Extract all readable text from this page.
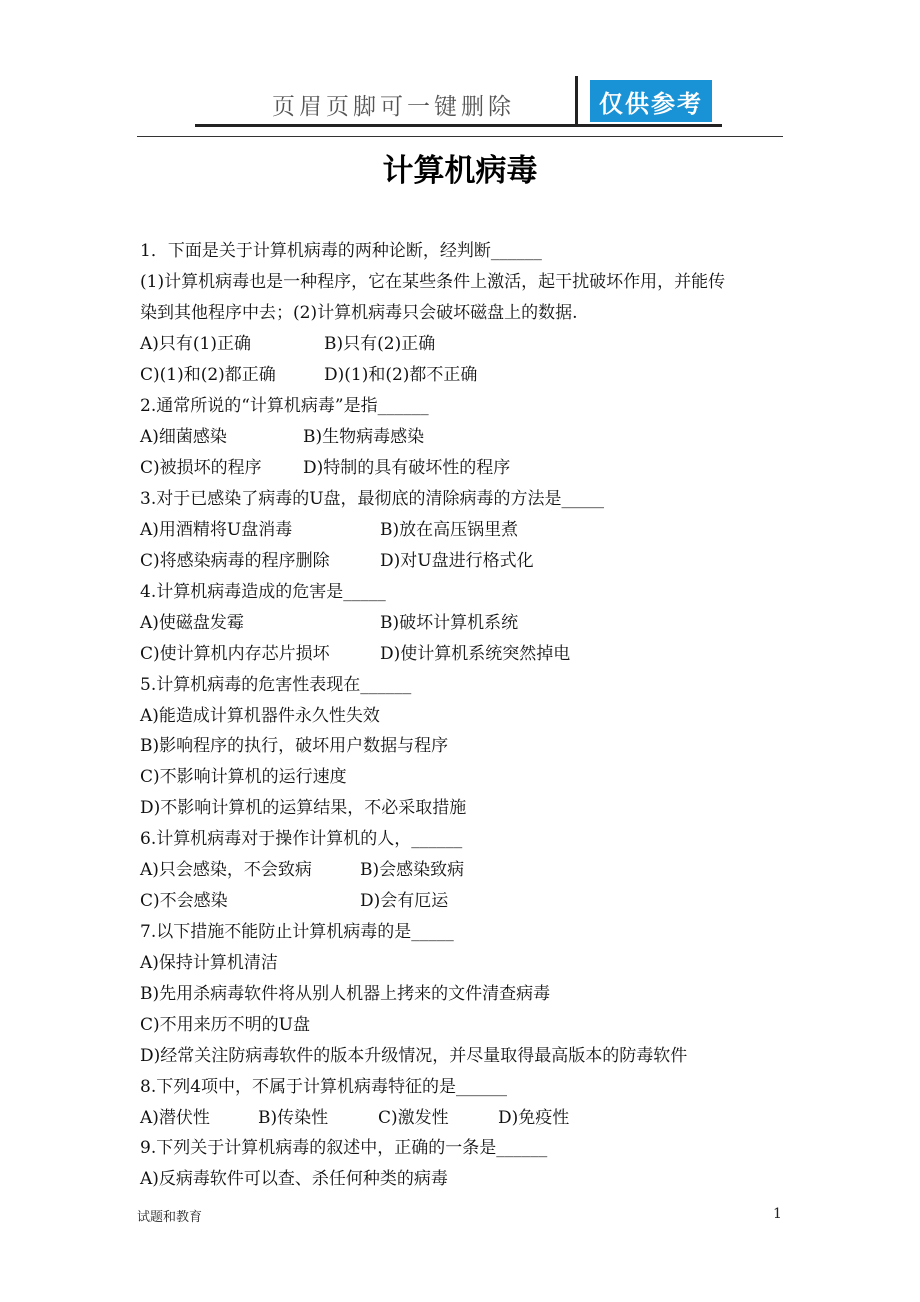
页眉页脚可一键删除	仅供参考
计算机病毒
1．下面是关于计算机病毒的两种论断，经判断______
(1)计算机病毒也是一种程序，它在某些条件上激活，起干扰破坏作用，并能传
染到其他程序中去；(2)计算机病毒只会破坏磁盘上的数据.
A)只有(1)正确	B)只有(2)正确
C)(1)和(2)都正确	D)(1)和(2)都不正确
2.通常所说的“计算机病毒”是指______
A)细菌感染	B)生物病毒感染
C)被损坏的程序 D)特制的具有破坏性的程序
3.对于已感染了病毒的U盘，最彻底的清除病毒的方法是_____
A)用酒精将U盘消毒	B)放在高压锅里煮
C)将感染病毒的程序删除	D)对U盘进行格式化
4.计算机病毒造成的危害是_____
A)使磁盘发霉	B)破坏计算机系统
C)使计算机内存芯片损坏	D)使计算机系统突然掉电
5.计算机病毒的危害性表现在______
A)能造成计算机器件永久性失效
B)影响程序的执行，破坏用户数据与程序
C)不影响计算机的运行速度
D)不影响计算机的运算结果，不必采取措施
6.计算机病毒对于操作计算机的人，______
A)只会感染，不会致病	B)会感染致病
C)不会感染	D)会有厄运
7.以下措施不能防止计算机病毒的是_____
A)保持计算机清洁
B)先用杀病毒软件将从别人机器上拷来的文件清查病毒
C)不用来历不明的U盘
D)经常关注防病毒软件的版本升级情况，并尽量取得最高版本的防毒软件
8.下列4项中，不属于计算机病毒特征的是______
A)潜伏性	B)传染性	C)激发性	D)免疫性
9.下列关于计算机病毒的叙述中，正确的一条是______
A)反病毒软件可以查、杀任何种类的病毒
试题和教育	1
